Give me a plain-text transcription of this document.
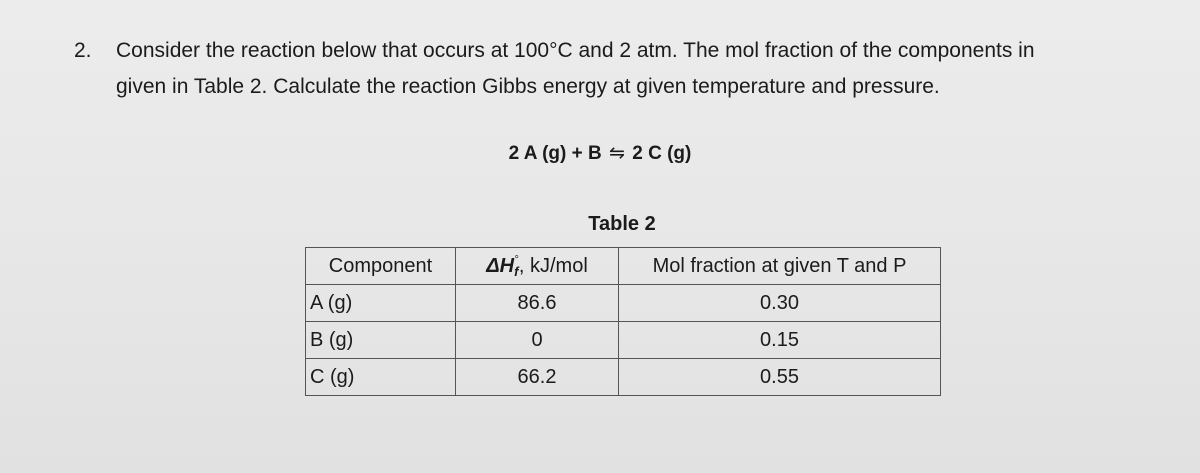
2. Consider the reaction below that occurs at 100°C and 2 atm. The mol fraction of the components in
given in Table 2. Calculate the reaction Gibbs energy at given temperature and pressure.
2 A (g) + B ⇋ 2 C (g)
Table 2
Component	$\Delta H_f^\circ$, kJ/mol	Mol fraction at given T and P
A (g)	86.6	0.30
B (g)	0	0.15
C (g)	66.2	0.55
